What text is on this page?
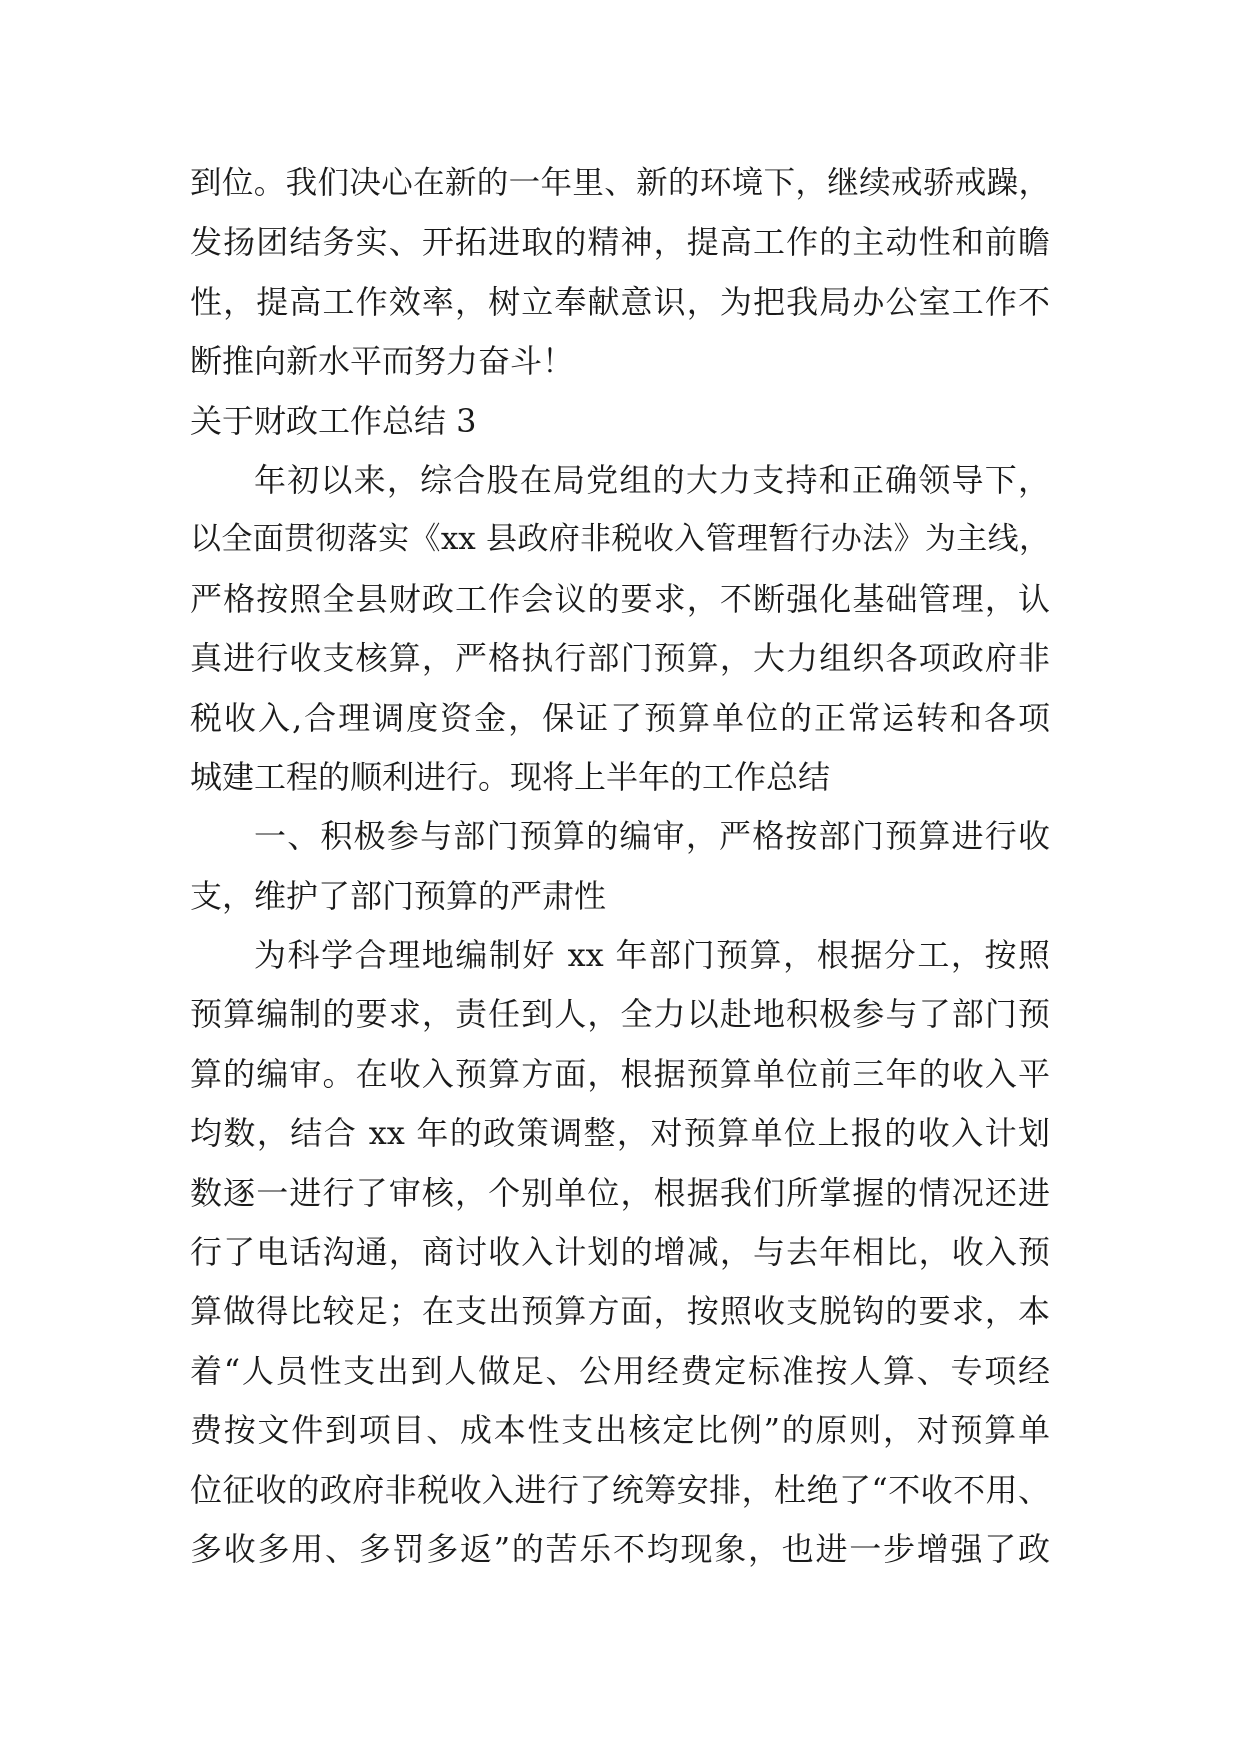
到位。我们决心在新的一年里、新的环境下，继续戒骄戒躁，
发扬团结务实、开拓进取的精神，提高工作的主动性和前瞻
性，提高工作效率，树立奉献意识，为把我局办公室工作不
断推向新水平而努力奋斗！
关于财政工作总结 3
年初以来，综合股在局党组的大力支持和正确领导下，
以全面贯彻落实《xx 县政府非税收入管理暂行办法》为主线，
严格按照全县财政工作会议的要求，不断强化基础管理，认
真进行收支核算，严格执行部门预算，大力组织各项政府非
税收入,合理调度资金，保证了预算单位的正常运转和各项
城建工程的顺利进行。现将上半年的工作总结
一、积极参与部门预算的编审，严格按部门预算进行收
支，维护了部门预算的严肃性
为科学合理地编制好 xx 年部门预算，根据分工，按照
预算编制的要求，责任到人，全力以赴地积极参与了部门预
算的编审。在收入预算方面，根据预算单位前三年的收入平
均数，结合 xx 年的政策调整，对预算单位上报的收入计划
数逐一进行了审核，个别单位，根据我们所掌握的情况还进
行了电话沟通，商讨收入计划的增减，与去年相比，收入预
算做得比较足；在支出预算方面，按照收支脱钩的要求，本
着“人员性支出到人做足、公用经费定标准按人算、专项经
费按文件到项目、成本性支出核定比例”的原则，对预算单
位征收的政府非税收入进行了统筹安排，杜绝了“不收不用、
多收多用、多罚多返”的苦乐不均现象，也进一步增强了政
